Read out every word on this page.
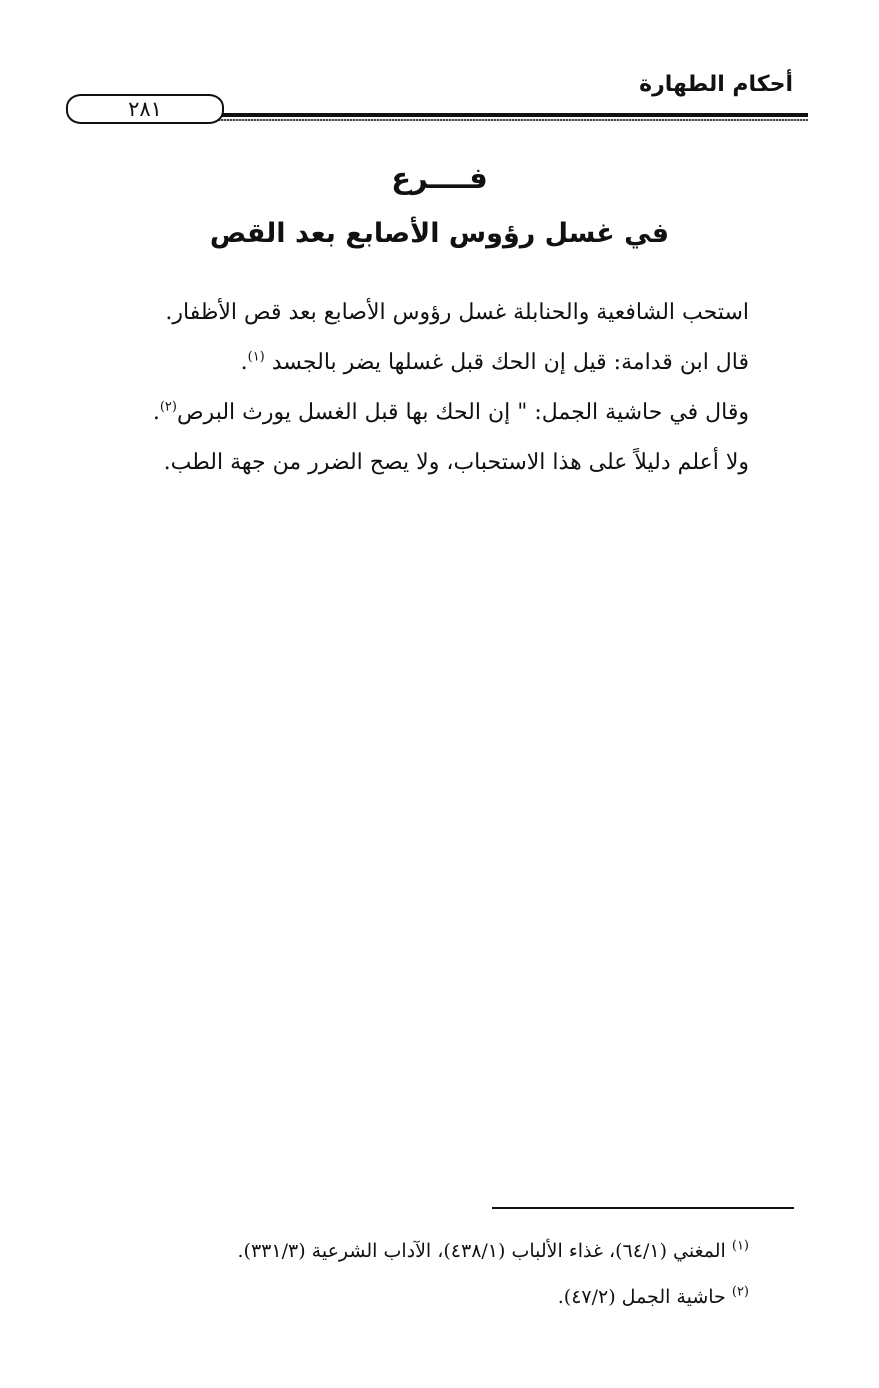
أحكام الطهارة
٢٨١
فــــرع
في غسل رؤوس الأصابع بعد القص

استحب الشافعية والحنابلة غسل رؤوس الأصابع بعد قص الأظفار.

قال ابن قدامة: قيل إن الحك قبل غسلها يضر بالجسد $^{(١)}$.

وقال في حاشية الجمل: " إن الحك بها قبل الغسل يورث البرص$^{(٢)}$.

ولا أعلم دليلاً على هذا الاستحباب، ولا يصح الضرر من جهة الطب.

$^{(١)}$ المغني (٦٤/١)، غذاء الألباب (٤٣٨/١)، الآداب الشرعية (٣٣١/٣).

$^{(٢)}$ حاشية الجمل (٤٧/٢).
